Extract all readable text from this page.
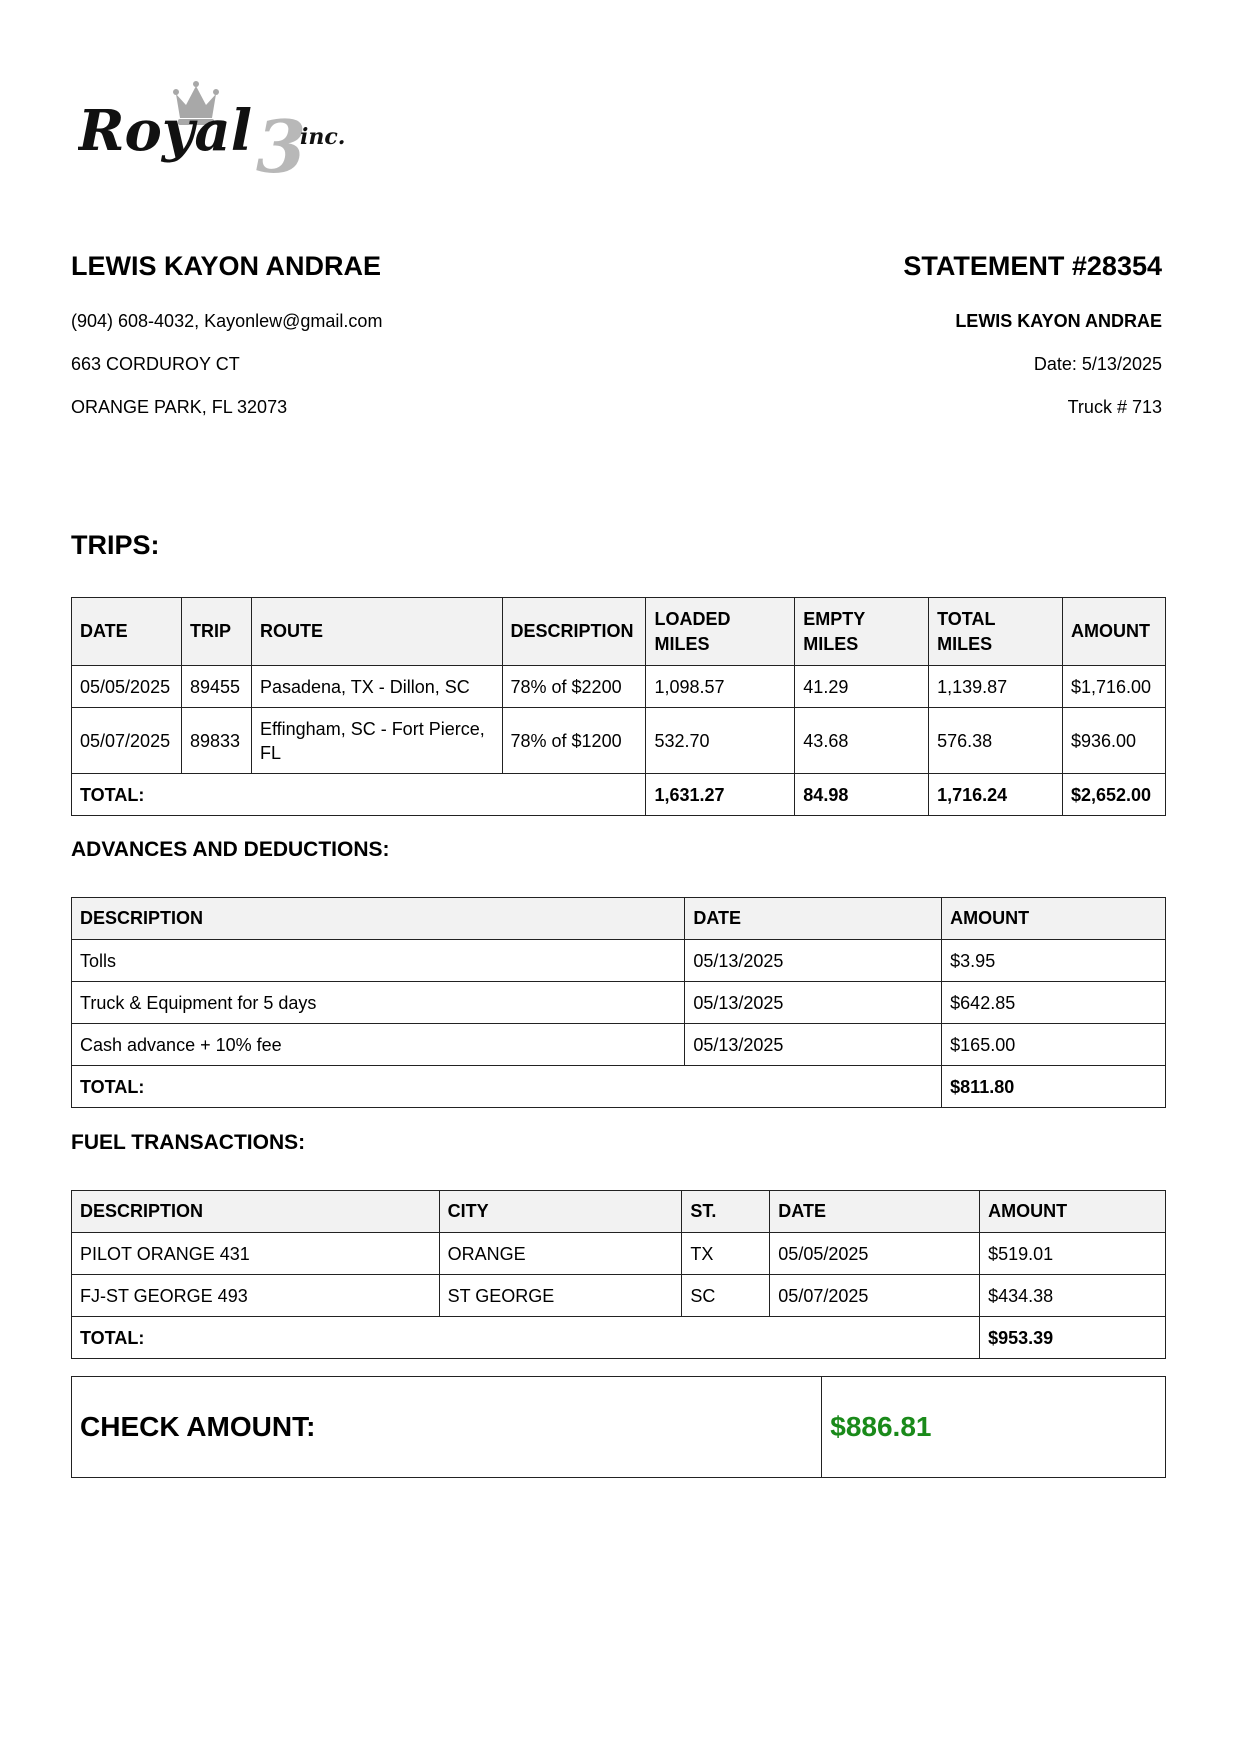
Royal 3
inc.
LEWIS KAYON ANDRAE
(904) 608-4032, Kayonlew@gmail.com
663 CORDUROY CT
ORANGE PARK, FL 32073
STATEMENT #28354
LEWIS KAYON ANDRAE
Date: 5/13/2025
Truck # 713
TRIPS:
DATE	TRIP	ROUTE	DESCRIPTION	LOADED MILES	EMPTY MILES	TOTAL MILES	AMOUNT
05/05/2025	89455	Pasadena, TX - Dillon, SC	78% of $2200	1,098.57	41.29	1,139.87	$1,716.00
05/07/2025	89833	Effingham, SC - Fort Pierce, FL	78% of $1200	532.70	43.68	576.38	$936.00
TOTAL:				1,631.27	84.98	1,716.24	$2,652.00
ADVANCES AND DEDUCTIONS:
DESCRIPTION	DATE	AMOUNT
Tolls	05/13/2025	$3.95
Truck & Equipment for 5 days	05/13/2025	$642.85
Cash advance + 10% fee	05/13/2025	$165.00
TOTAL:		$811.80
FUEL TRANSACTIONS:
DESCRIPTION	CITY	ST.	DATE	AMOUNT
PILOT ORANGE 431	ORANGE	TX	05/05/2025	$519.01
FJ-ST GEORGE 493	ST GEORGE	SC	05/07/2025	$434.38
TOTAL:				$953.39
CHECK AMOUNT:	$886.81
